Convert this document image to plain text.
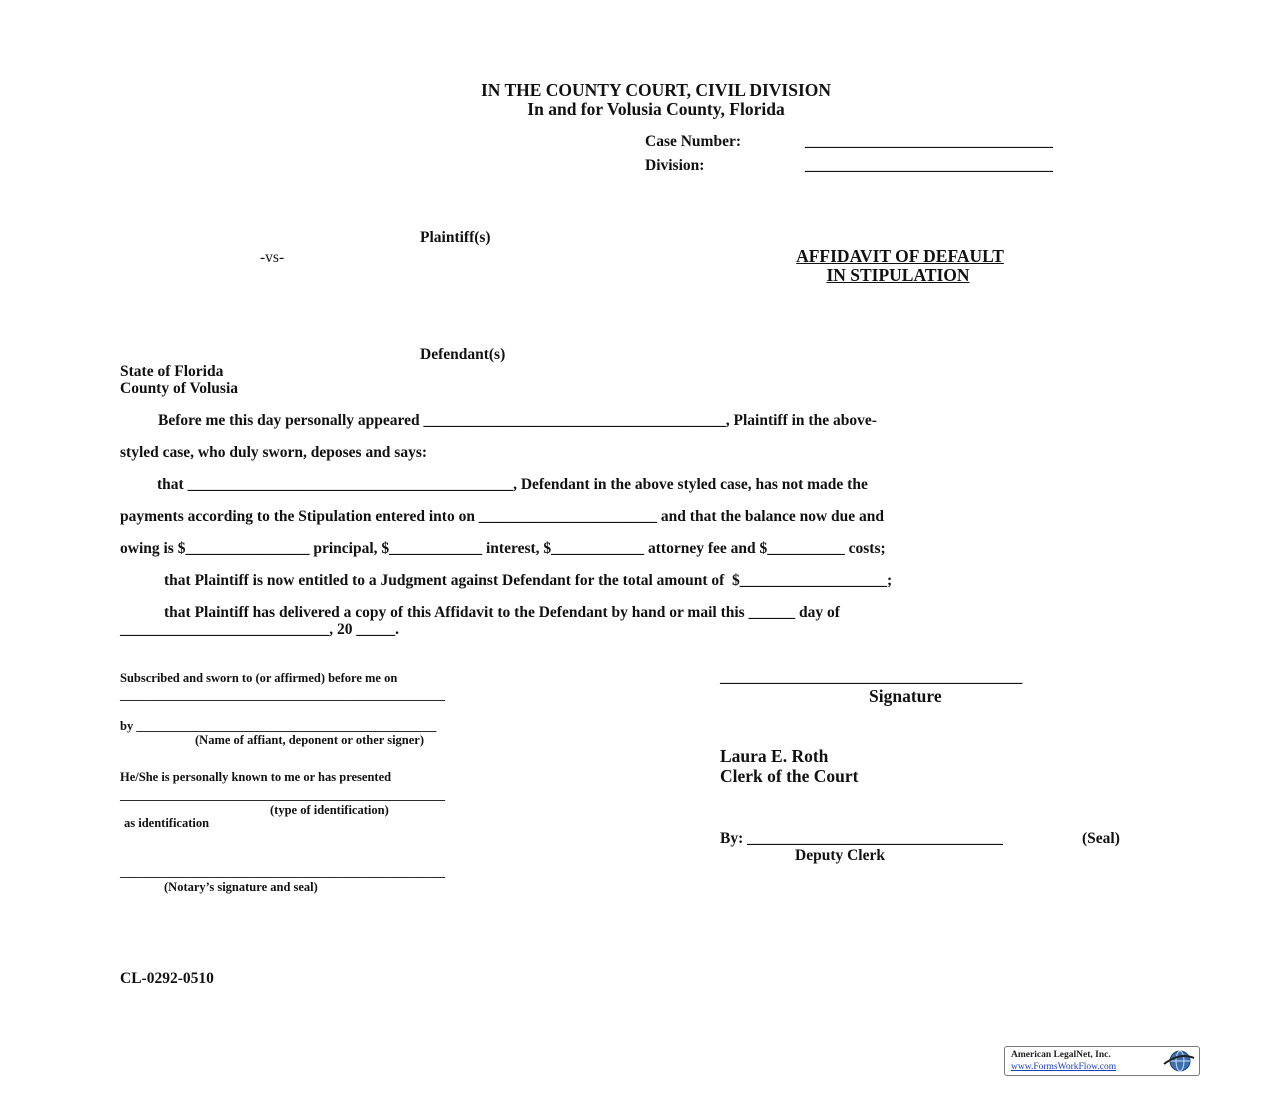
IN THE COUNTY COURT, CIVIL DIVISION
In and for Volusia County, Florida
Case Number:	________________________________
Division:	________________________________
Plaintiff(s)
-vs-	AFFIDAVIT OF DEFAULT
IN STIPULATION
Defendant(s)
State of Florida
County of Volusia
Before me this day personally appeared _______________________________________, Plaintiff in the above-
styled case, who duly sworn, deposes and says:
that __________________________________________, Defendant in the above styled case, has not made the
payments according to the Stipulation entered into on _______________________ and that the balance now due and
owing is $________________ principal, $____________ interest, $____________ attorney fee and $__________ costs;
that Plaintiff is now entitled to a Judgment against Defendant for the total amount of  $___________________;
that Plaintiff has delivered a copy of this Affidavit to the Defendant by hand or mail this ______ day of
___________________________, 20 _____.
Subscribed and sworn to (or affirmed) before me on
____________________________________________________
by ________________________________________________
(Name of affiant, deponent or other signer)
He/She is personally known to me or has presented
____________________________________________________
(type of identification)
as identification
____________________________________________________
(Notary’s signature and seal)
_______________________________________
Signature
Laura E. Roth
Clerk of the Court
By: _________________________________	(Seal)
Deputy Clerk
CL-0292-0510
American LegalNet, Inc.
www.FormsWorkFlow.com
